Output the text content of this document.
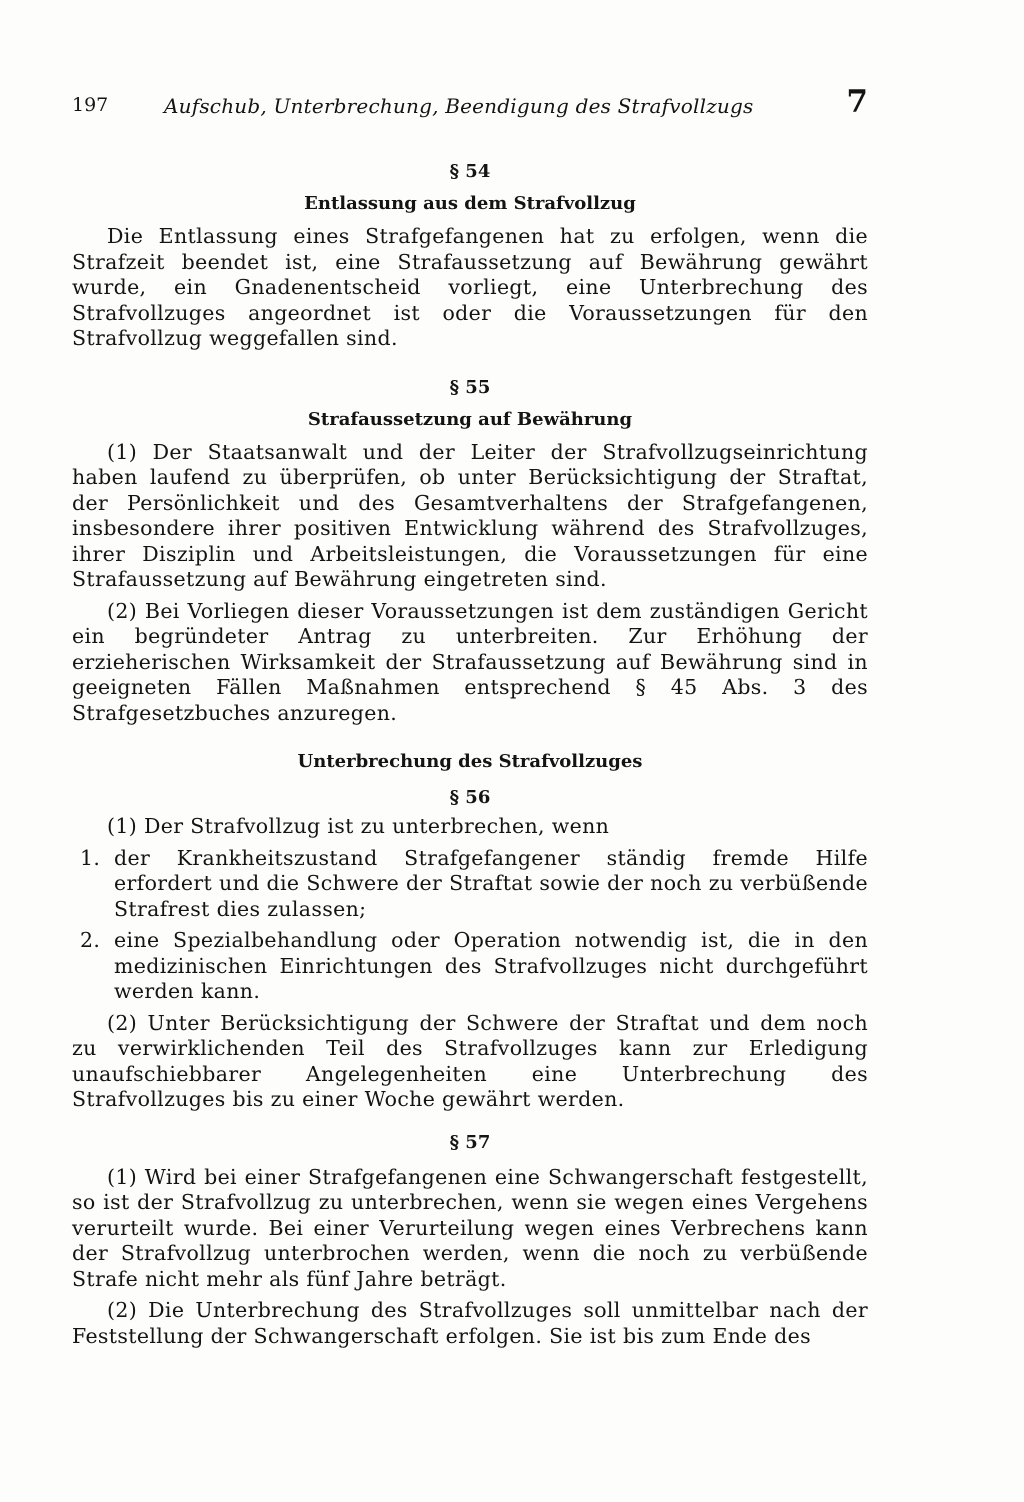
197	Aufschub, Unterbrechung, Beendigung des Strafvollzugs	7

§ 54

Entlassung aus dem Strafvollzug

Die Entlassung eines Strafgefangenen hat zu erfolgen, wenn die Strafzeit beendet ist, eine Strafaussetzung auf Bewährung gewährt wurde, ein Gnadenentscheid vorliegt, eine Unterbrechung des Strafvollzuges angeordnet ist oder die Voraussetzungen für den Strafvollzug weggefallen sind.

§ 55

Strafaussetzung auf Bewährung

(1) Der Staatsanwalt und der Leiter der Strafvollzugseinrichtung haben laufend zu überprüfen, ob unter Berücksichtigung der Straftat, der Persönlichkeit und des Gesamtverhaltens der Strafgefangenen, insbesondere ihrer positiven Entwicklung während des Strafvollzuges, ihrer Disziplin und Arbeitsleistungen, die Voraussetzungen für eine Strafaussetzung auf Bewährung eingetreten sind.

(2) Bei Vorliegen dieser Voraussetzungen ist dem zuständigen Gericht ein begründeter Antrag zu unterbreiten. Zur Erhöhung der erzieherischen Wirksamkeit der Strafaussetzung auf Bewährung sind in geeigneten Fällen Maßnahmen entsprechend § 45 Abs. 3 des Strafgesetzbuches anzuregen.

Unterbrechung des Strafvollzuges

§ 56

(1) Der Strafvollzug ist zu unterbrechen, wenn

1. der Krankheitszustand Strafgefangener ständig fremde Hilfe erfordert und die Schwere der Straftat sowie der noch zu verbüßende Strafrest dies zulassen;
2. eine Spezialbehandlung oder Operation notwendig ist, die in den medizinischen Einrichtungen des Strafvollzuges nicht durchgeführt werden kann.

(2) Unter Berücksichtigung der Schwere der Straftat und dem noch zu verwirklichenden Teil des Strafvollzuges kann zur Erledigung unaufschiebbarer Angelegenheiten eine Unterbrechung des Strafvollzuges bis zu einer Woche gewährt werden.

§ 57

(1) Wird bei einer Strafgefangenen eine Schwangerschaft festgestellt, so ist der Strafvollzug zu unterbrechen, wenn sie wegen eines Vergehens verurteilt wurde. Bei einer Verurteilung wegen eines Verbrechens kann der Strafvollzug unterbrochen werden, wenn die noch zu verbüßende Strafe nicht mehr als fünf Jahre beträgt.

(2) Die Unterbrechung des Strafvollzuges soll unmittelbar nach der Feststellung der Schwangerschaft erfolgen. Sie ist bis zum Ende des
